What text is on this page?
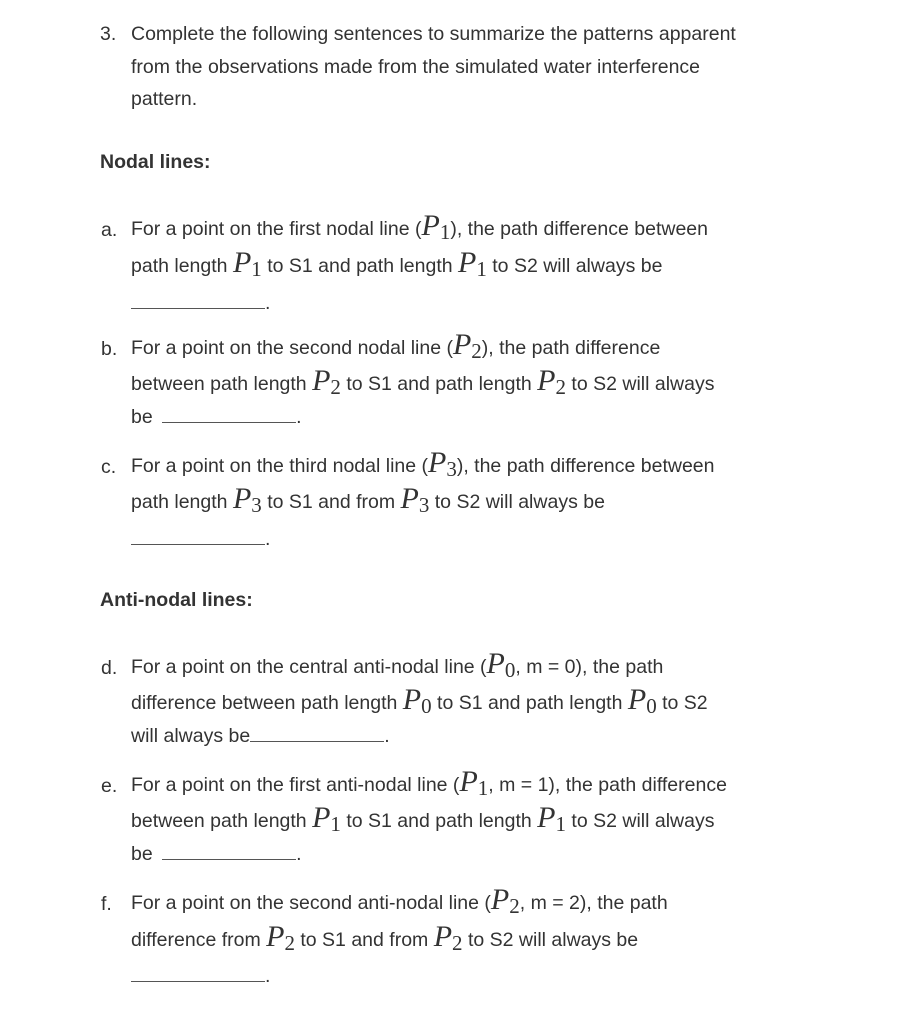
3. Complete the following sentences to summarize the patterns apparent
from the observations made from the simulated water interference
pattern.
Nodal lines:
a. For a point on the first nodal line $(P_1)$, the path difference between
path length $P_1$ to S1 and path length $P_1$ to S2 will always be
.
b. For a point on the second nodal line $(P_2)$, the path difference
between path length $P_2$ to S1 and path length $P_2$ to S2 will always
be	.
c. For a point on the third nodal line $(P_3)$, the path difference between
path length $P_3$ to S1 and from $P_3$ to S2 will always be
.
Anti-nodal lines:
d. For a point on the central anti-nodal line ($P_0$, m = 0), the path
difference between path length $P_0$ to S1 and path length $P_0$ to S2
will always be	.
e. For a point on the first anti-nodal line ($P_1$, m = 1), the path difference
between path length $P_1$ to S1 and path length $P_1$ to S2 will always
be	.
f. For a point on the second anti-nodal line ($P_2$, m = 2), the path
difference from $P_2$ to S1 and from $P_2$ to S2 will always be
.
